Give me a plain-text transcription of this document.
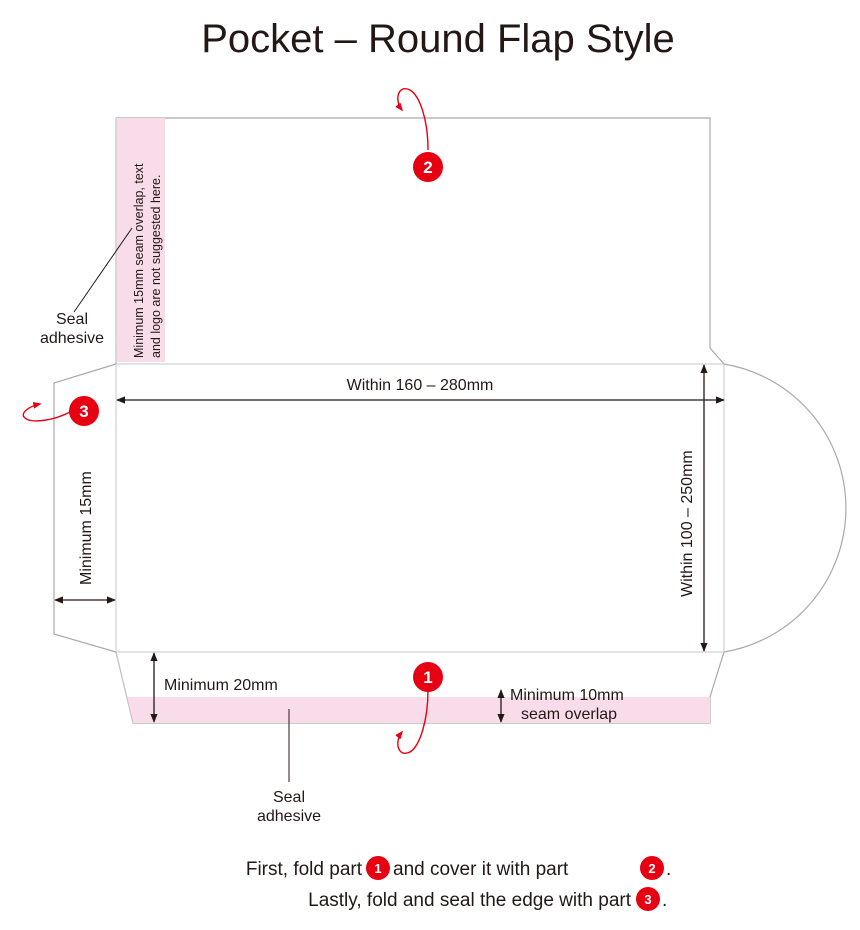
Pocket – Round Flap Style
Minimum 15mm seam overlap, text and logo are not suggested here.
Seal
adhesive
Within 160 – 280mm
Within 100 – 250mm
Minimum 15mm
Minimum 20mm
Minimum 10mm
seam overlap
Seal
adhesive
2
1
3
First, fold part 1 and cover it with part	2 .
Lastly, fold and seal the edge with part 3 .
